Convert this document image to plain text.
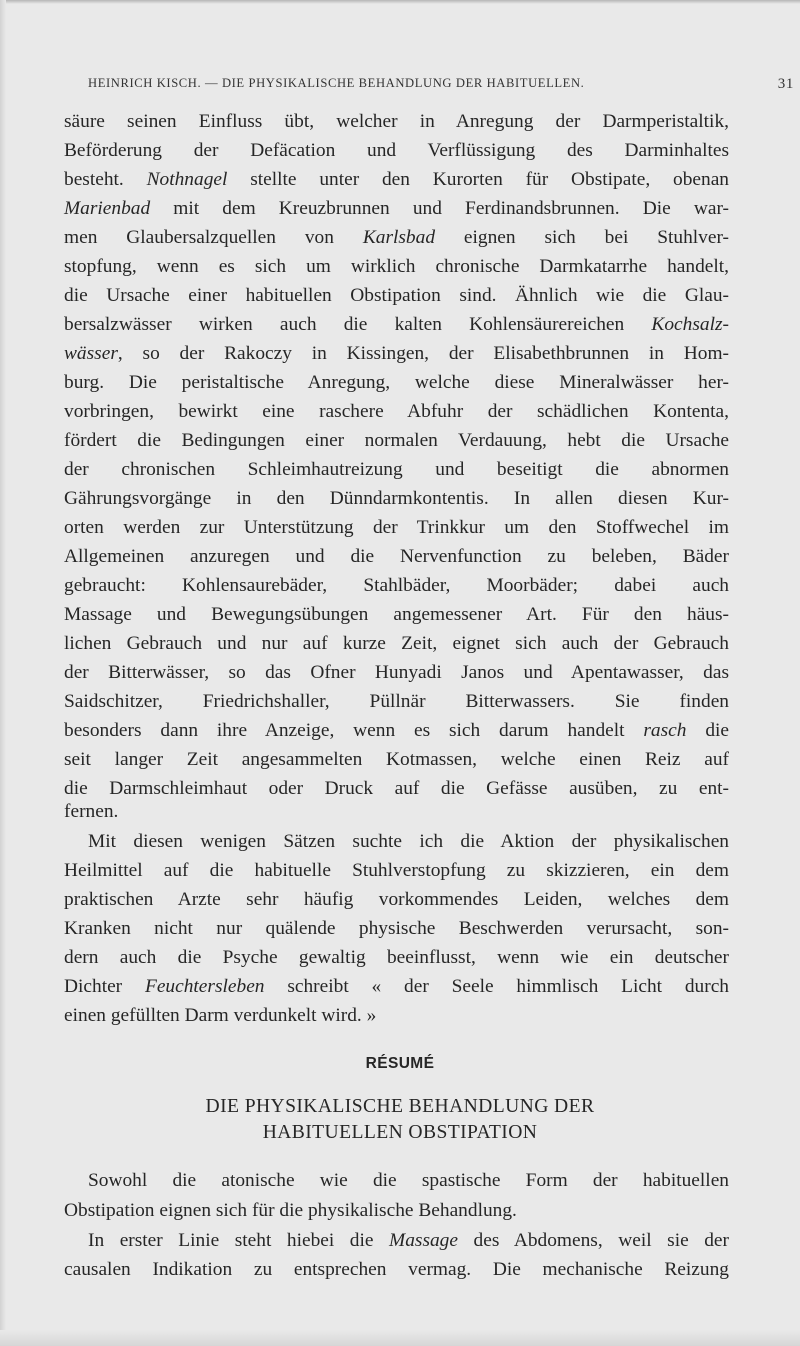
HEINRICH KISCH. — DIE PHYSIKALISCHE BEHANDLUNG DER HABITUELLEN.	31
säure seinen Einfluss übt, welcher in Anregung der Darmperistaltik,
Beförderung der Defäcation und Verflüssigung des Darminhaltes
besteht. Nothnagel stellte unter den Kurorten für Obstipate, obenan
Marienbad mit dem Kreuzbrunnen und Ferdinandsbrunnen. Die war-
men Glaubersalzquellen von Karlsbad eignen sich bei Stuhlver-
stopfung, wenn es sich um wirklich chronische Darmkatarrhe handelt,
die Ursache einer habituellen Obstipation sind. Ähnlich wie die Glau-
bersalzwässer wirken auch die kalten Kohlensäurereichen Kochsalz-
wässer, so der Rakoczy in Kissingen, der Elisabethbrunnen in Hom-
burg. Die peristaltische Anregung, welche diese Mineralwässer her-
vorbringen, bewirkt eine raschere Abfuhr der schädlichen Kontenta,
fördert die Bedingungen einer normalen Verdauung, hebt die Ursache
der chronischen Schleimhautreizung und beseitigt die abnormen
Gährungsvorgänge in den Dünndarmkontentis. In allen diesen Kur-
orten werden zur Unterstützung der Trinkkur um den Stoffwechel im
Allgemeinen anzuregen und die Nervenfunction zu beleben, Bäder
gebraucht: Kohlensaurebäder, Stahlbäder, Moorbäder; dabei auch
Massage und Bewegungsübungen angemessener Art. Für den häus-
lichen Gebrauch und nur auf kurze Zeit, eignet sich auch der Gebrauch
der Bitterwässer, so das Ofner Hunyadi Janos und Apentawasser, das
Saidschitzer, Friedrichshaller, Püllnär Bitterwassers. Sie finden
besonders dann ihre Anzeige, wenn es sich darum handelt rasch die
seit langer Zeit angesammelten Kotmassen, welche einen Reiz auf
die Darmschleimhaut oder Druck auf die Gefässe ausüben, zu ent-
fernen.
Mit diesen wenigen Sätzen suchte ich die Aktion der physikalischen
Heilmittel auf die habituelle Stuhlverstopfung zu skizzieren, ein dem
praktischen Arzte sehr häufig vorkommendes Leiden, welches dem
Kranken nicht nur quälende physische Beschwerden verursacht, son-
dern auch die Psyche gewaltig beeinflusst, wenn wie ein deutscher
Dichter Feuchtersleben schreibt « der Seele himmlisch Licht durch
einen gefüllten Darm verdunkelt wird. »
RÉSUMÉ
DIE PHYSIKALISCHE BEHANDLUNG DER
HABITUELLEN OBSTIPATION
Sowohl die atonische wie die spastische Form der habituellen
Obstipation eignen sich für die physikalische Behandlung.
In erster Linie steht hiebei die Massage des Abdomens, weil sie der
causalen Indikation zu entsprechen vermag. Die mechanische Reizung
